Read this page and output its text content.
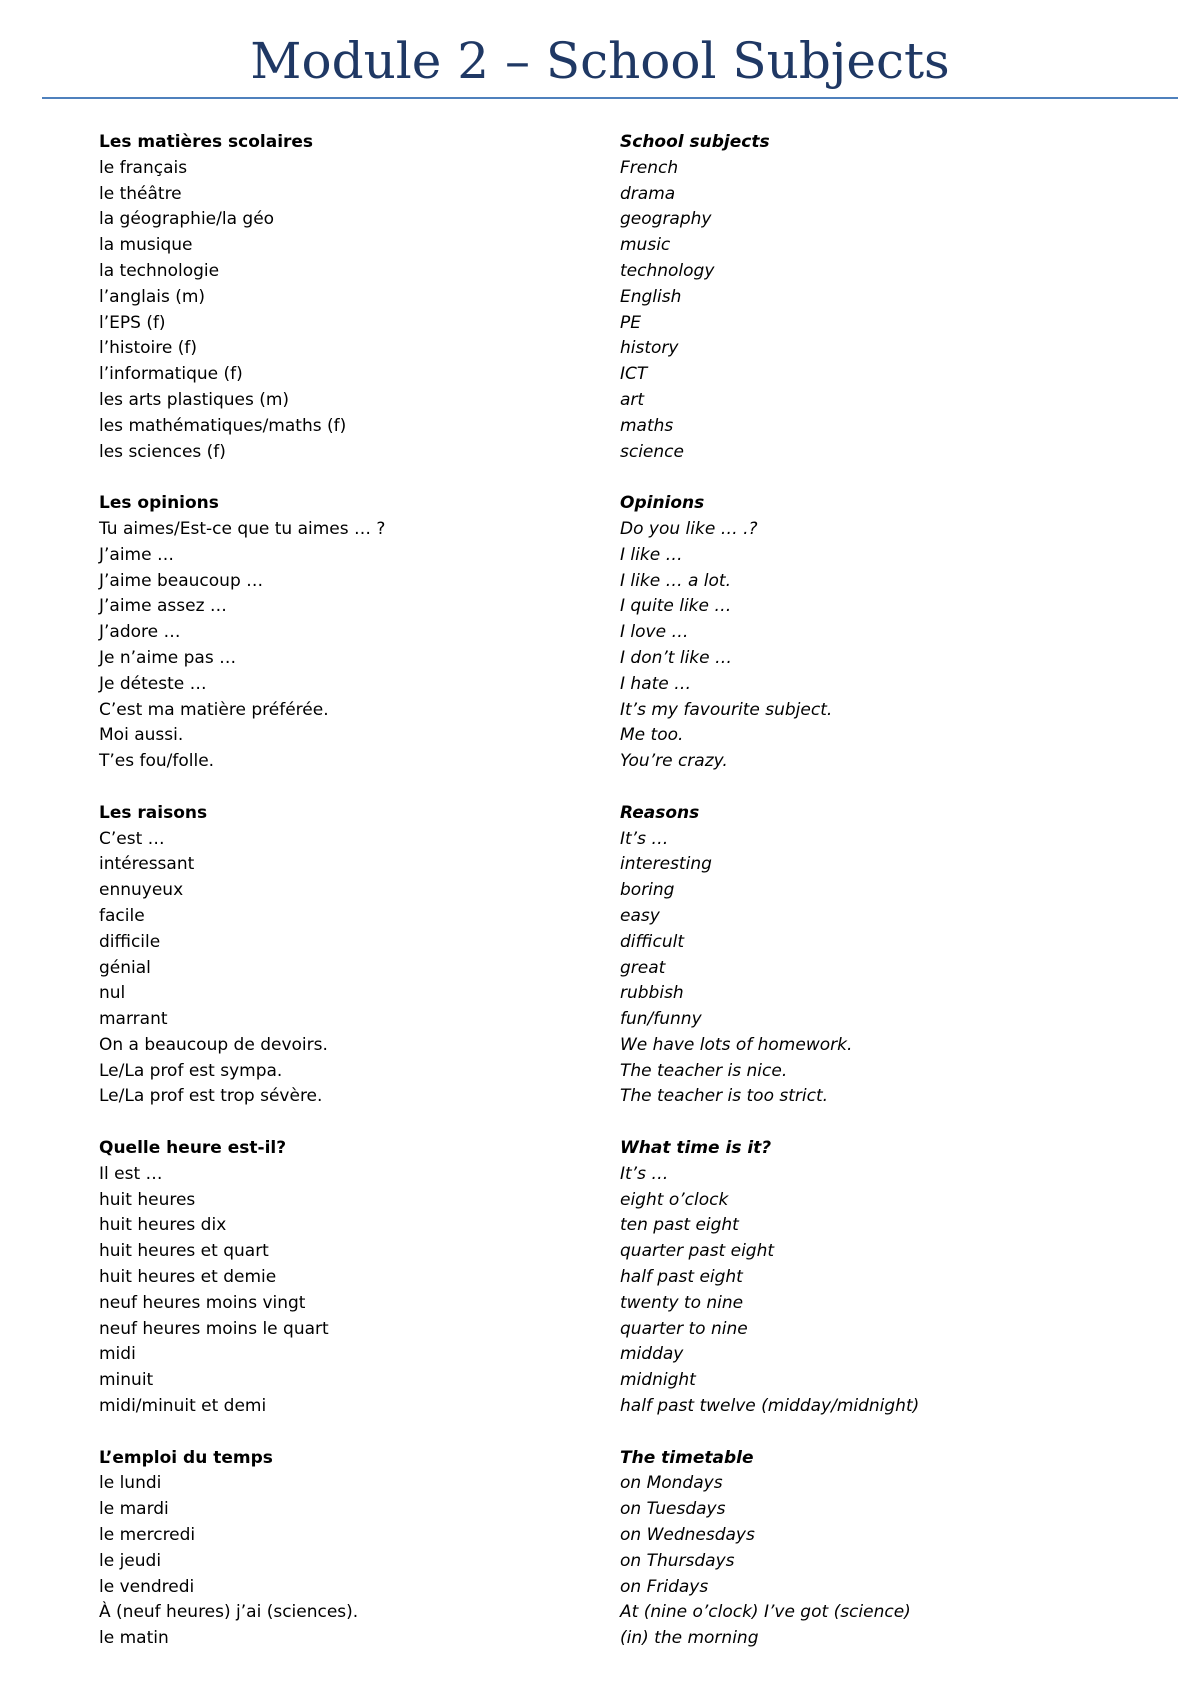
Module 2 – School Subjects
Les matières scolaires	School subjects
le français	French
le théâtre	drama
la géographie/la géo	geography
la musique	music
la technologie	technology
l’anglais (m)	English
l’EPS (f)	PE
l’histoire (f)	history
l’informatique (f)	ICT
les arts plastiques (m)	art
les mathématiques/maths (f)	maths
les sciences (f)	science
Les opinions	Opinions
Tu aimes/Est-ce que tu aimes … ?	Do you like … .?
J’aime …	I like …
J’aime beaucoup …	I like … a lot.
J’aime assez …	I quite like …
J’adore …	I love …
Je n’aime pas …	I don’t like …
Je déteste …	I hate …
C’est ma matière préférée.	It’s my favourite subject.
Moi aussi.	Me too.
T’es fou/folle.	You’re crazy.
Les raisons	Reasons
C’est …	It’s …
intéressant	interesting
ennuyeux	boring
facile	easy
difficile	difficult
génial	great
nul	rubbish
marrant	fun/funny
On a beaucoup de devoirs.	We have lots of homework.
Le/La prof est sympa.	The teacher is nice.
Le/La prof est trop sévère.	The teacher is too strict.
Quelle heure est-il?	What time is it?
Il est …	It’s …
huit heures	eight o’clock
huit heures dix	ten past eight
huit heures et quart	quarter past eight
huit heures et demie	half past eight
neuf heures moins vingt	twenty to nine
neuf heures moins le quart	quarter to nine
midi	midday
minuit	midnight
midi/minuit et demi	half past twelve (midday/midnight)
L’emploi du temps	The timetable
le lundi	on Mondays
le mardi	on Tuesdays
le mercredi	on Wednesdays
le jeudi	on Thursdays
le vendredi	on Fridays
À (neuf heures) j’ai (sciences).	At (nine o’clock) I’ve got (science)
le matin	(in) the morning
